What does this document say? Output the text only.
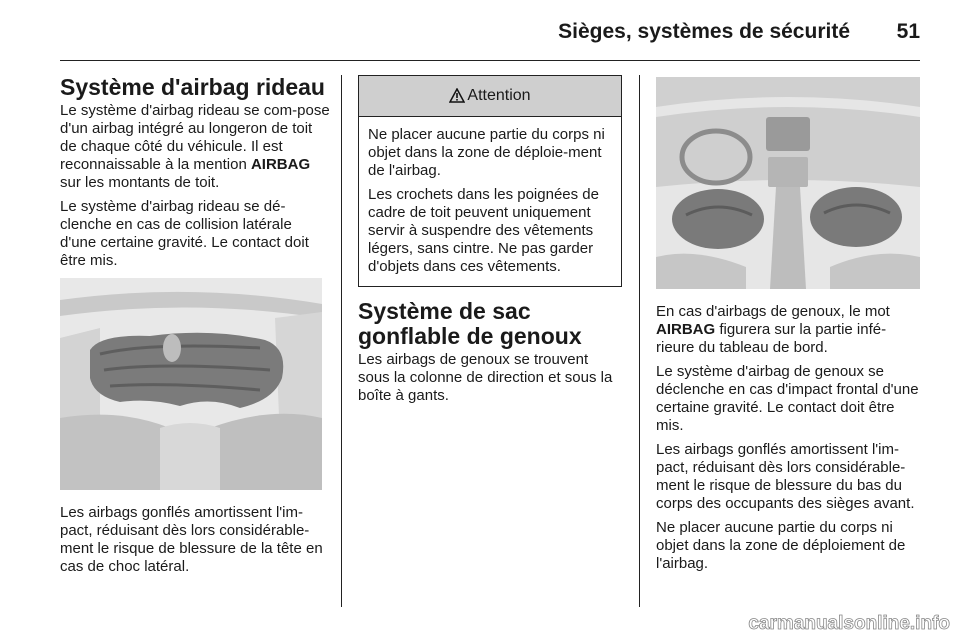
Sièges, systèmes de sécurité 51
Système d'airbag rideau

Le système d'airbag rideau se com-pose d'un airbag intégré au longeron de toit de chaque côté du véhicule. Il est reconnaissable à la mention AIRBAG sur les montants de toit.

Le système d'airbag rideau se dé-clenche en cas de collision latérale d'une certaine gravité. Le contact doit être mis.

Les airbags gonflés amortissent l'im-pact, réduisant dès lors considérable-ment le risque de blessure de la tête en cas de choc latéral.

Attention

Ne placer aucune partie du corps ni objet dans la zone de déploie-ment de l'airbag.

Les crochets dans les poignées de cadre de toit peuvent uniquement servir à suspendre des vêtements légers, sans cintre. Ne pas garder d'objets dans ces vêtements.

Système de sac gonflable de genoux

Les airbags de genoux se trouvent sous la colonne de direction et sous la boîte à gants.

En cas d'airbags de genoux, le mot AIRBAG figurera sur la partie infé-rieure du tableau de bord.

Le système d'airbag de genoux se déclenche en cas d'impact frontal d'une certaine gravité. Le contact doit être mis.

Les airbags gonflés amortissent l'im-pact, réduisant dès lors considérable-ment le risque de blessure du bas du corps des occupants des sièges avant.

Ne placer aucune partie du corps ni objet dans la zone de déploiement de l'airbag.

carmanualsonline.info
